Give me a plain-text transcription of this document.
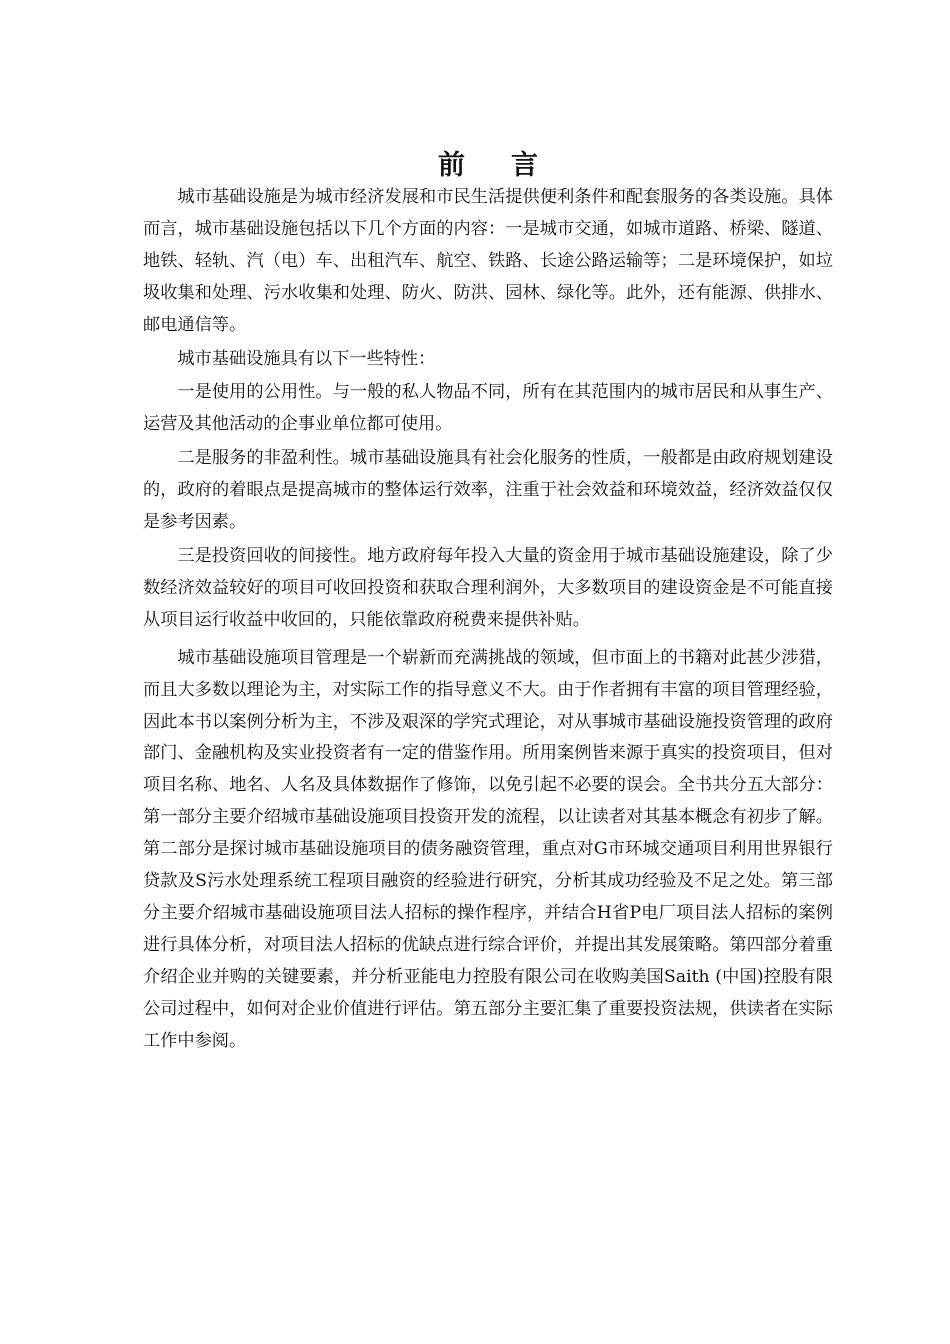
前言

城市基础设施是为城市经济发展和市民生活提供便利条件和配套服务的各类设施。具体而言，城市基础设施包括以下几个方面的内容：一是城市交通，如城市道路、桥梁、隧道、地铁、轻轨、汽（电）车、出租汽车、航空、铁路、长途公路运输等；二是环境保护，如垃圾收集和处理、污水收集和处理、防火、防洪、园林、绿化等。此外，还有能源、供排水、邮电通信等。

城市基础设施具有以下一些特性：

一是使用的公用性。与一般的私人物品不同，所有在其范围内的城市居民和从事生产、运营及其他活动的企事业单位都可使用。

二是服务的非盈利性。城市基础设施具有社会化服务的性质，一般都是由政府规划建设的，政府的着眼点是提高城市的整体运行效率，注重于社会效益和环境效益，经济效益仅仅是参考因素。

三是投资回收的间接性。地方政府每年投入大量的资金用于城市基础设施建设，除了少数经济效益较好的项目可收回投资和获取合理利润外，大多数项目的建设资金是不可能直接从项目运行收益中收回的，只能依靠政府税费来提供补贴。

城市基础设施项目管理是一个崭新而充满挑战的领域，但市面上的书籍对此甚少涉猎，而且大多数以理论为主，对实际工作的指导意义不大。由于作者拥有丰富的项目管理经验，因此本书以案例分析为主，不涉及艰深的学究式理论，对从事城市基础设施投资管理的政府部门、金融机构及实业投资者有一定的借鉴作用。所用案例皆来源于真实的投资项目，但对项目名称、地名、人名及具体数据作了修饰，以免引起不必要的误会。全书共分五大部分：第一部分主要介绍城市基础设施项目投资开发的流程，以让读者对其基本概念有初步了解。第二部分是探讨城市基础设施项目的债务融资管理，重点对G市环城交通项目利用世界银行贷款及S污水处理系统工程项目融资的经验进行研究，分析其成功经验及不足之处。第三部分主要介绍城市基础设施项目法人招标的操作程序，并结合H省P电厂项目法人招标的案例进行具体分析，对项目法人招标的优缺点进行综合评价，并提出其发展策略。第四部分着重介绍企业并购的关键要素，并分析亚能电力控股有限公司在收购美国Saith (中国)控股有限公司过程中，如何对企业价值进行评估。第五部分主要汇集了重要投资法规，供读者在实际工作中参阅。
